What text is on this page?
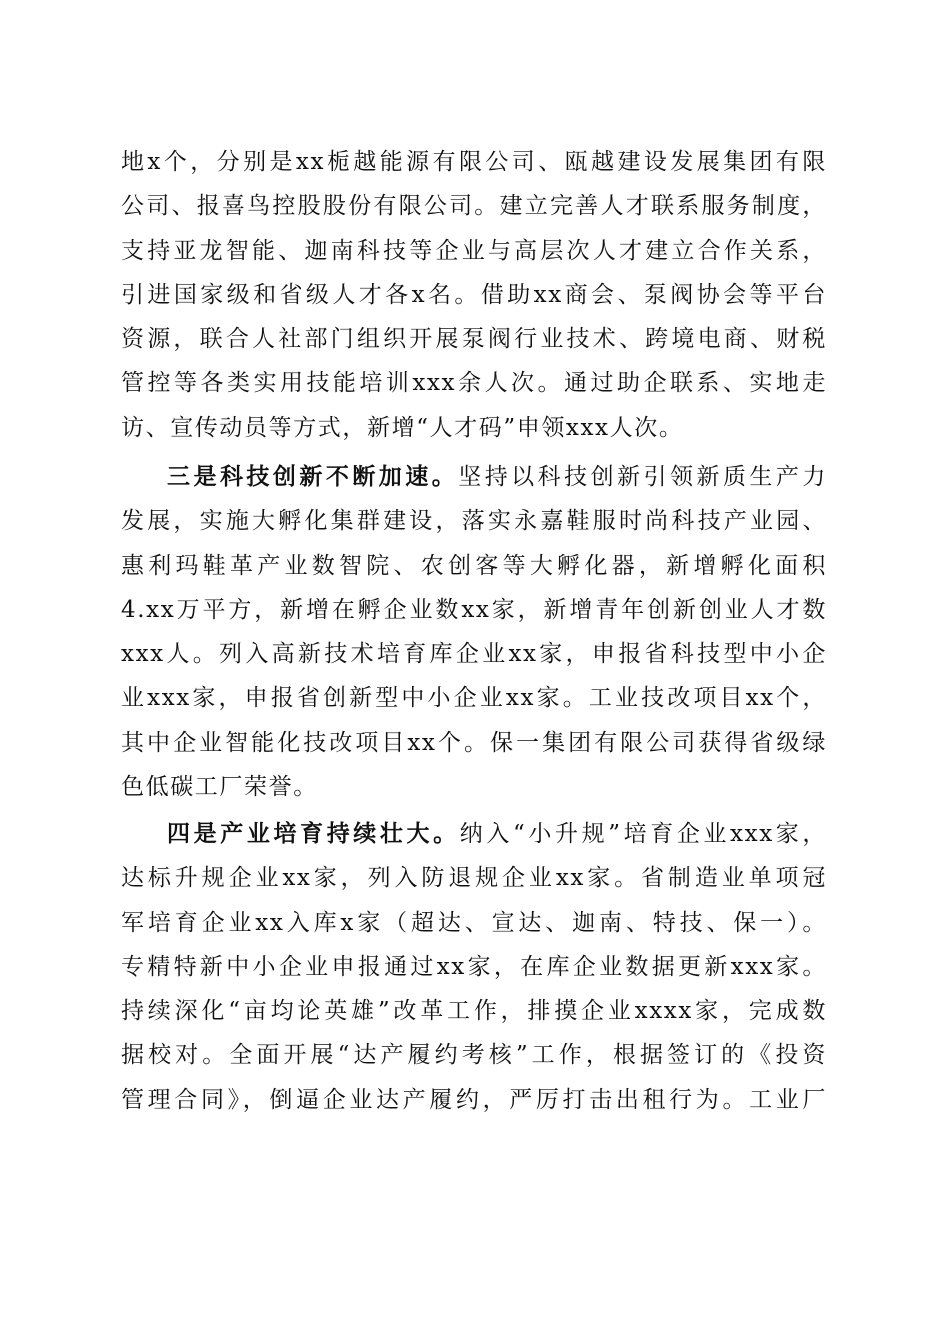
地x个，分别是xx栀越能源有限公司、瓯越建设发展集团有限
公司、报喜鸟控股股份有限公司。建立完善人才联系服务制度，
支持亚龙智能、迦南科技等企业与高层次人才建立合作关系，
引进国家级和省级人才各x名。借助xx商会、泵阀协会等平台
资源，联合人社部门组织开展泵阀行业技术、跨境电商、财税
管控等各类实用技能培训xxx余人次。通过助企联系、实地走
访、宣传动员等方式，新增“人才码”申领xxx人次。
三是科技创新不断加速。坚持以科技创新引领新质生产力
发展，实施大孵化集群建设，落实永嘉鞋服时尚科技产业园、
惠利玛鞋革产业数智院、农创客等大孵化器，新增孵化面积
4.xx万平方，新增在孵企业数xx家，新增青年创新创业人才数
xxx人。列入高新技术培育库企业xx家，申报省科技型中小企
业xxx家，申报省创新型中小企业xx家。工业技改项目xx个，
其中企业智能化技改项目xx个。保一集团有限公司获得省级绿
色低碳工厂荣誉。
四是产业培育持续壮大。纳入“小升规”培育企业xxx家，
达标升规企业xx家，列入防退规企业xx家。省制造业单项冠
军培育企业xx入库x家（超达、宣达、迦南、特技、保一）。
专精特新中小企业申报通过xx家，在库企业数据更新xxx家。
持续深化“亩均论英雄”改革工作，排摸企业xxxx家，完成数
据校对。全面开展“达产履约考核”工作，根据签订的《投资
管理合同》，倒逼企业达产履约，严厉打击出租行为。工业厂
